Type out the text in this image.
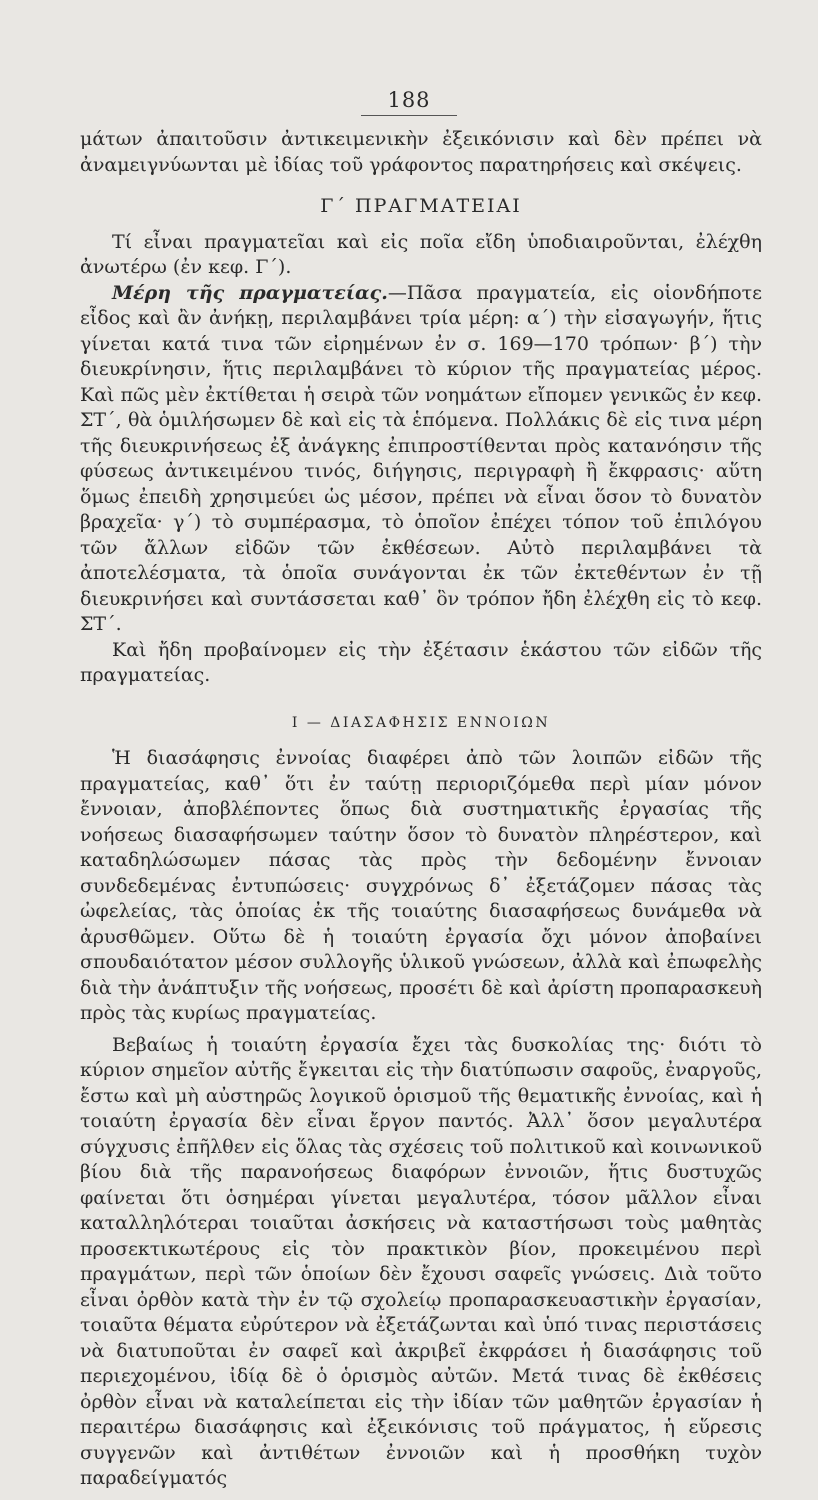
188

μάτων ἀπαιτοῦσιν ἀντικειμενικὴν ἐξεικόνισιν καὶ δὲν πρέπει νὰ ἀναμειγνύωνται μὲ ἰδίας τοῦ γράφοντος παρατηρήσεις καὶ σκέψεις.

Γ΄ ΠΡΑΓΜΑΤΕΙΑΙ

Τί εἶναι πραγματεῖαι καὶ εἰς ποῖα εἴδη ὑποδιαιροῦνται, ἐλέχθη ἀνωτέρω (ἐν κεφ. Γ΄).

Μέρη τῆς πραγματείας.—Πᾶσα πραγματεία, εἰς οἱονδήποτε εἶδος καὶ ἂν ἀνήκῃ, περιλαμβάνει τρία μέρη: α΄) τὴν εἰσαγωγήν, ἥτις γίνεται κατά τινα τῶν εἰρημένων ἐν σ. 169—170 τρόπων· β΄) τὴν διευκρίνησιν, ἥτις περιλαμβάνει τὸ κύριον τῆς πραγματείας μέρος. Καὶ πῶς μὲν ἐκτίθεται ἡ σειρὰ τῶν νοημάτων εἴπομεν γενικῶς ἐν κεφ. ΣΤ΄, θὰ ὁμιλήσωμεν δὲ καὶ εἰς τὰ ἑπόμενα. Πολλάκις δὲ εἰς τινα μέρη τῆς διευκρινήσεως ἐξ ἀνάγκης ἐπιπροστίθενται πρὸς κατανόησιν τῆς φύσεως ἀντικειμένου τινός, διήγησις, περιγραφὴ ἢ ἔκφρασις· αὕτη ὅμως ἐπειδὴ χρησιμεύει ὡς μέσον, πρέπει νὰ εἶναι ὅσον τὸ δυνατὸν βραχεῖα· γ΄) τὸ συμπέρασμα, τὸ ὁποῖον ἐπέχει τόπον τοῦ ἐπιλόγου τῶν ἄλλων εἰδῶν τῶν ἐκθέσεων. Αὐτὸ περιλαμβάνει τὰ ἀποτελέσματα, τὰ ὁποῖα συνάγονται ἐκ τῶν ἐκτεθέντων ἐν τῇ διευκρινήσει καὶ συντάσσεται καθ᾽ ὃν τρόπον ἤδη ἐλέχθη εἰς τὸ κεφ. ΣΤ΄.

Καὶ ἤδη προβαίνομεν εἰς τὴν ἐξέτασιν ἑκάστου τῶν εἰδῶν τῆς πραγματείας.

Ι — ΔΙΑΣΑΦΗΣΙΣ ΕΝΝΟΙΩΝ

Ἡ διασάφησις ἐννοίας διαφέρει ἀπὸ τῶν λοιπῶν εἰδῶν τῆς πραγματείας, καθ᾽ ὅτι ἐν ταύτῃ περιοριζόμεθα περὶ μίαν μόνον ἔννοιαν, ἀποβλέποντες ὅπως διὰ συστηματικῆς ἐργασίας τῆς νοήσεως διασαφήσωμεν ταύτην ὅσον τὸ δυνατὸν πληρέστερον, καὶ καταδηλώσωμεν πάσας τὰς πρὸς τὴν δεδομένην ἔννοιαν συνδεδεμένας ἐντυπώσεις· συγχρόνως δ᾽ ἐξετάζομεν πάσας τὰς ὠφελείας, τὰς ὁποίας ἐκ τῆς τοιαύτης διασαφήσεως δυνάμεθα νὰ ἀρυσθῶμεν. Οὕτω δὲ ἡ τοιαύτη ἐργασία ὄχι μόνον ἀποβαίνει σπουδαιότατον μέσον συλλογῆς ὑλικοῦ γνώσεων, ἀλλὰ καὶ ἐπωφελὴς διὰ τὴν ἀνάπτυξιν τῆς νοήσεως, προσέτι δὲ καὶ ἀρίστη προπαρασκευὴ πρὸς τὰς κυρίως πραγματείας.

Βεβαίως ἡ τοιαύτη ἐργασία ἔχει τὰς δυσκολίας της· διότι τὸ κύριον σημεῖον αὐτῆς ἔγκειται εἰς τὴν διατύπωσιν σαφοῦς, ἐναργοῦς, ἔστω καὶ μὴ αὐστηρῶς λογικοῦ ὁρισμοῦ τῆς θεματικῆς ἐννοίας, καὶ ἡ τοιαύτη ἐργασία δὲν εἶναι ἔργον παντός. Ἀλλ᾽ ὅσον μεγαλυτέρα σύγχυσις ἐπῆλθεν εἰς ὅλας τὰς σχέσεις τοῦ πολιτικοῦ καὶ κοινωνικοῦ βίου διὰ τῆς παρανοήσεως διαφόρων ἐννοιῶν, ἥτις δυστυχῶς φαίνεται ὅτι ὁσημέραι γίνεται μεγαλυτέρα, τόσον μᾶλλον εἶναι καταλληλότεραι τοιαῦται ἀσκήσεις νὰ καταστήσωσι τοὺς μαθητὰς προσεκτικωτέρους εἰς τὸν πρακτικὸν βίον, προκειμένου περὶ πραγμάτων, περὶ τῶν ὁποίων δὲν ἔχουσι σαφεῖς γνώσεις. Διὰ τοῦτο εἶναι ὀρθὸν κατὰ τὴν ἐν τῷ σχολείῳ προπαρασκευαστικὴν ἐργασίαν, τοιαῦτα θέματα εὐρύτερον νὰ ἐξετάζωνται καὶ ὑπό τινας περιστάσεις νὰ διατυποῦται ἐν σαφεῖ καὶ ἀκριβεῖ ἐκφράσει ἡ διασάφησις τοῦ περιεχομένου, ἰδίᾳ δὲ ὁ ὁρισμὸς αὐτῶν. Μετά τινας δὲ ἐκθέσεις ὀρθὸν εἶναι νὰ καταλείπεται εἰς τὴν ἰδίαν τῶν μαθητῶν ἐργασίαν ἡ περαιτέρω διασάφησις καὶ ἐξεικόνισις τοῦ πράγματος, ἡ εὕρεσις συγγενῶν καὶ ἀντιθέτων ἐννοιῶν καὶ ἡ προσθήκη τυχὸν παραδείγματός
